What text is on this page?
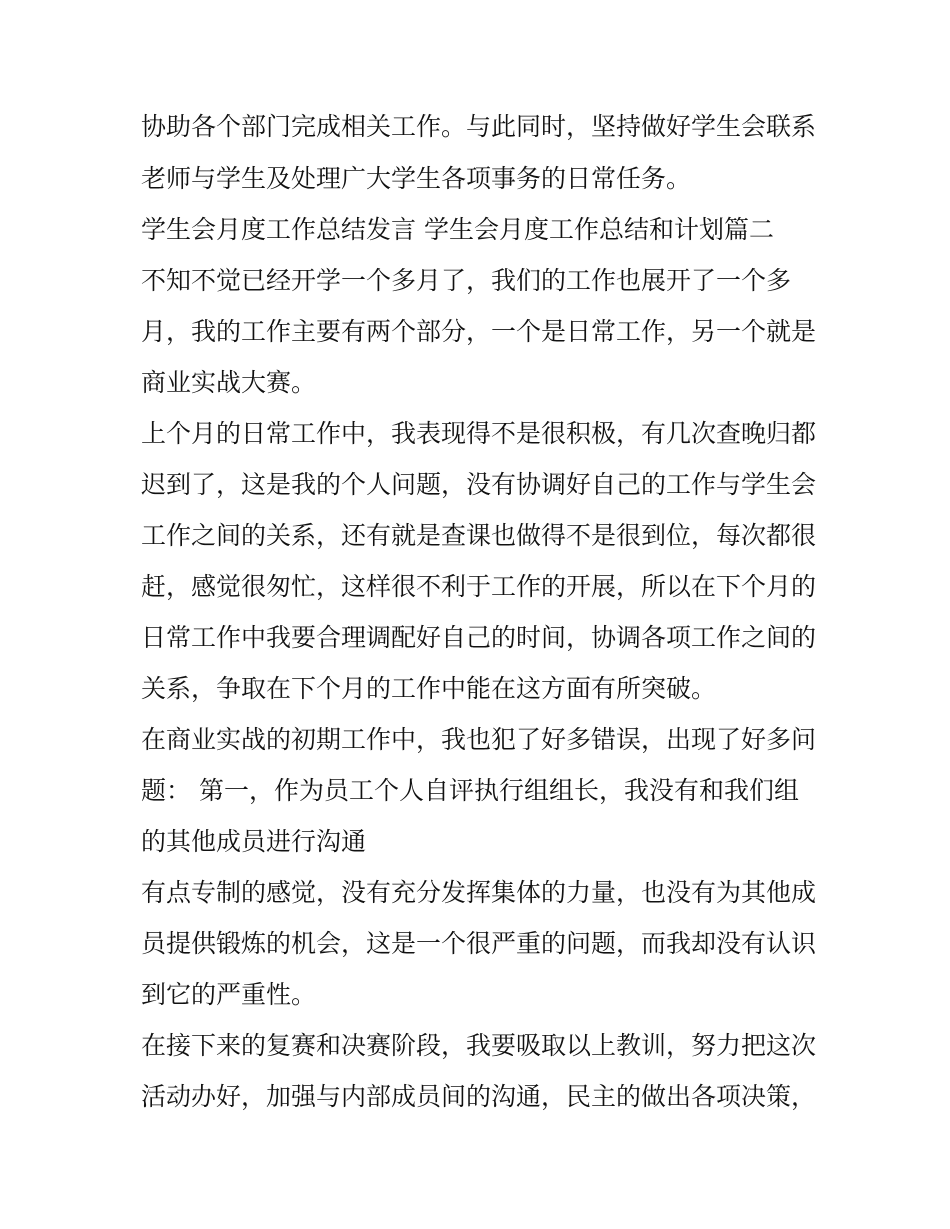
协助各个部门完成相关工作。与此同时，坚持做好学生会联系
老师与学生及处理广大学生各项事务的日常任务。
学生会月度工作总结发言 学生会月度工作总结和计划篇二
不知不觉已经开学一个多月了，我们的工作也展开了一个多
月，我的工作主要有两个部分，一个是日常工作，另一个就是
商业实战大赛。
上个月的日常工作中，我表现得不是很积极，有几次查晚归都
迟到了，这是我的个人问题，没有协调好自己的工作与学生会
工作之间的关系，还有就是查课也做得不是很到位，每次都很
赶，感觉很匆忙，这样很不利于工作的开展，所以在下个月的
日常工作中我要合理调配好自己的时间，协调各项工作之间的
关系，争取在下个月的工作中能在这方面有所突破。
在商业实战的初期工作中，我也犯了好多错误，出现了好多问
题： 第一，作为员工个人自评执行组组长，我没有和我们组
的其他成员进行沟通
有点专制的感觉，没有充分发挥集体的力量，也没有为其他成
员提供锻炼的机会，这是一个很严重的问题，而我却没有认识
到它的严重性。
在接下来的复赛和决赛阶段，我要吸取以上教训，努力把这次
活动办好，加强与内部成员间的沟通，民主的做出各项决策，
